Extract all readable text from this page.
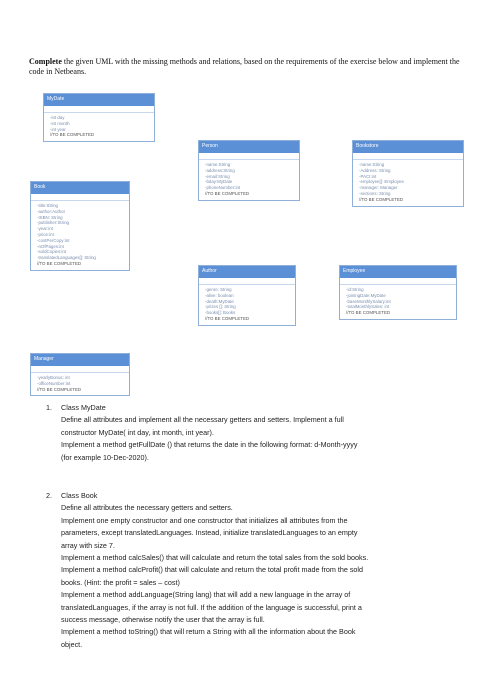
Complete the given UML with the missing methods and relations, based on the requirements of the exercise below and implement the code in Netbeans.
MyDate
-int day
-int month
-int year
//TO BE COMPLETED
Person
-name:String
-address:String
-email:String
-bday:MyDate
-phoneNumber:int
//TO BE COMPLETED
Bookstore
-name:String
-Address: String
-PACI:int
-employee[]: Employee
-manager: Manager
-sections: String
//TO BE COMPLETED
Book
-title:String
-author:Author
-ISBN: String
-publisher:String
-year:int
-price:int
-costPerCopy:int
-nOfPages:int
-soldCopies:int
-translatedLanguages[]: String
//TO BE COMPLETED
Author
-genre: String
-alive: boolean
-death:MyDate
-prizes []: String
-books[]: Books
//TO BE COMPLETED
Employee
-id:String
-joiningDate:MyDate
-baseMonthlySalary:int
-totalMonthlySales: int
//TO BE COMPLETED
Manager
-yearlyBonus: int
-officeNumber:int
//TO BE COMPLETED
1. Class MyDate

Define all attributes and implement all the necessary getters and setters. Implement a full

constructor MyDate( int day, int month, int year).

Implement a method getFullDate () that returns the date in the following format: d-Month-yyyy

(for example 10-Dec-2020).

2. Class Book

Define all attributes the necessary getters and setters.

Implement one empty constructor and one constructor that initializes all attributes from the

parameters, except translatedLanguages. Instead, initialize translatedLanguages to an empty

array with size 7.

Implement a method calcSales() that will calculate and return the total sales from the sold books.

Implement a method calcProfit() that will calculate and return the total profit made from the sold

books. (Hint: the profit = sales – cost)

Implement a method addLanguage(String lang) that will add a new language in the array of

translatedLanguages, if the array is not full. If the addition of the language is successful, print a

success message, otherwise notify the user that the array is full.

Implement a method toString() that will return a String with all the information about the Book

object.
